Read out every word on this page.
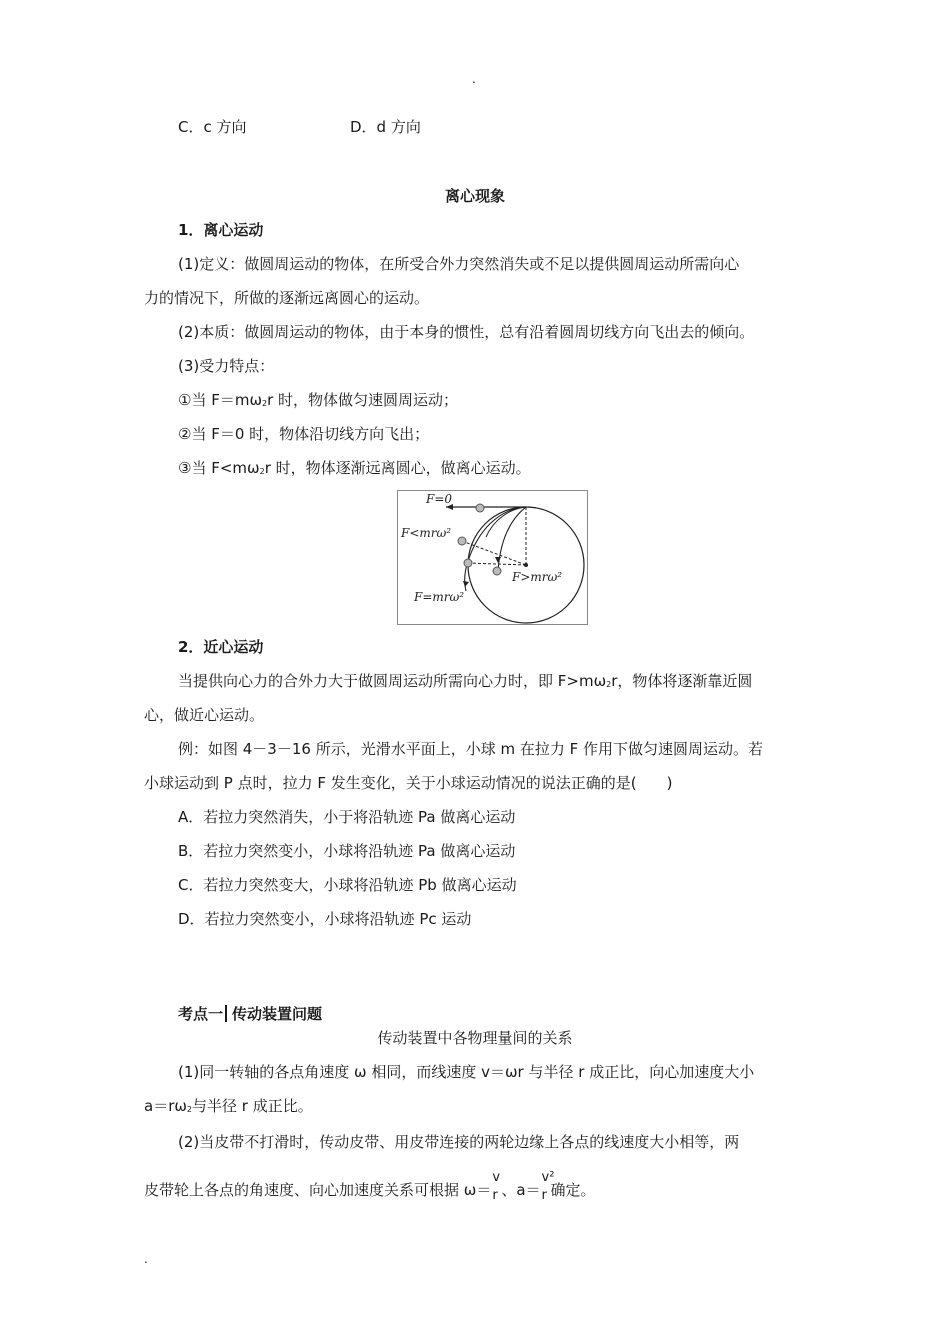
.
.
C．c 方向	D．d 方向
离心现象
1．离心运动
(1)定义：做圆周运动的物体，在所受合外力突然消失或不足以提供圆周运动所需向心
力的情况下，所做的逐渐远离圆心的运动。
(2)本质：做圆周运动的物体，由于本身的惯性，总有沿着圆周切线方向飞出去的倾向。
(3)受力特点：
①当 F＝mω2r 时，物体做匀速圆周运动；
②当 F＝0 时，物体沿切线方向飞出；
③当 F<mω2r 时，物体逐渐远离圆心，做离心运动。
F=0
F<mrω²
F>mrω²
F=mrω²
2．近心运动
当提供向心力的合外力大于做圆周运动所需向心力时，即 F>mω2r，物体将逐渐靠近圆
心，做近心运动。
例：如图 4－3－16 所示，光滑水平面上，小球 m 在拉力 F 作用下做匀速圆周运动。若
小球运动到 P 点时，拉力 F 发生变化，关于小球运动情况的说法正确的是(　　)
A．若拉力突然消失，小于将沿轨迹 Pa 做离心运动
B．若拉力突然变小，小球将沿轨迹 Pa 做离心运动
C．若拉力突然变大，小球将沿轨迹 Pb 做离心运动
D．若拉力突然变小，小球将沿轨迹 Pc 运动
考点一 传动装置问题
传动装置中各物理量间的关系
(1)同一转轴的各点角速度 ω 相同，而线速度 v＝ωr 与半径 r 成正比，向心加速度大小
a＝rω2与半径 r 成正比。
(2)当皮带不打滑时，传动皮带、用皮带连接的两轮边缘上各点的线速度大小相等，两
皮带轮上各点的角速度、向心加速度关系可根据 ω＝
v
r 、a＝
v²
r 确定。
